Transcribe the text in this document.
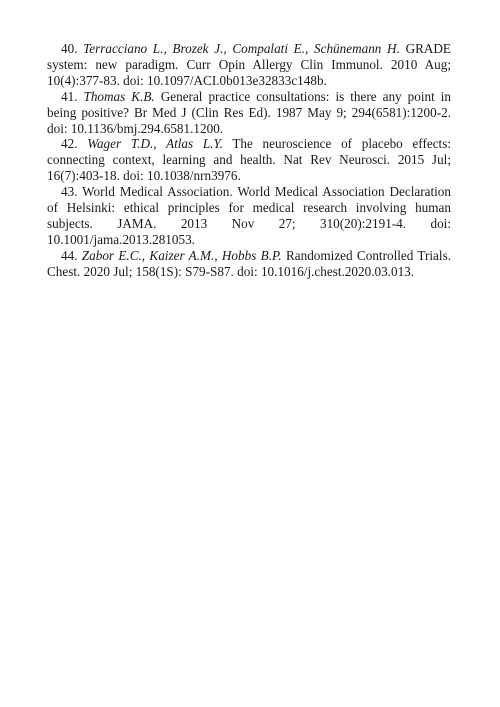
40. Terracciano L., Brozek J., Compalati E., Schünemann H. GRADE system: new paradigm. Curr Opin Allergy Clin Immunol. 2010 Aug; 10(4):377-83. doi: 10.1097/ACI.0b013e32833c148b.

41. Thomas K.B. General practice consultations: is there any point in being positive? Br Med J (Clin Res Ed). 1987 May 9; 294(6581):1200-2. doi: 10.1136/bmj.294.6581.1200.

42. Wager T.D., Atlas L.Y. The neuroscience of placebo effects: connecting context, learning and health. Nat Rev Neurosci. 2015 Jul; 16(7):403-18. doi: 10.1038/nrn3976.

43. World Medical Association. World Medical Association Declaration of Helsinki: ethical principles for medical research involving human subjects. JAMA. 2013 Nov 27; 310(20):2191-4. doi: 10.1001/jama.2013.281053.

44. Zabor E.C., Kaizer A.M., Hobbs B.P. Randomized Controlled Trials. Chest. 2020 Jul; 158(1S): S79-S87. doi: 10.1016/j.chest.2020.03.013.
